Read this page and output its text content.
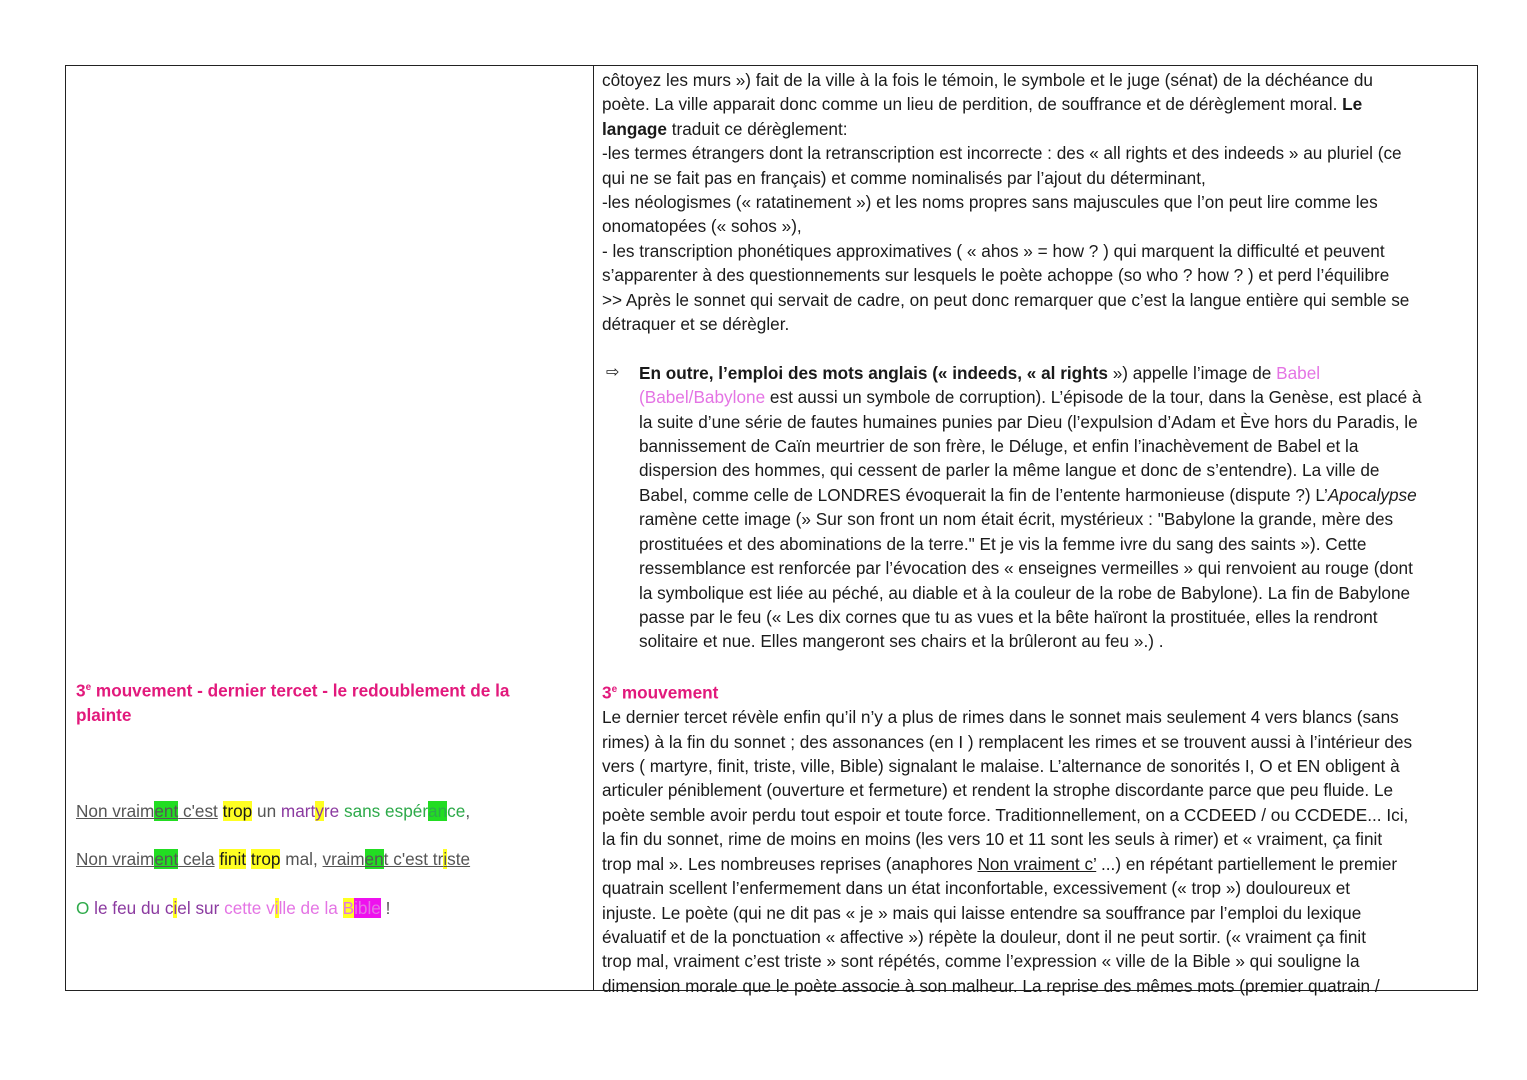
3e mouvement - dernier tercet - le redoublement de la
plainte
Non vraiment c'est trop un martyre sans espérance,
Non vraiment cela finit trop mal, vraiment c'est triste
O le feu du ciel sur cette ville de la Bible !

côtoyez les murs ») fait de la ville à la fois le témoin, le symbole et le juge (sénat) de la déchéance du

poète. La ville apparait donc comme un lieu de perdition, de souffrance et de dérèglement moral. Le

langage traduit ce dérèglement:

-les termes étrangers dont la retranscription est incorrecte : des « all rights et des indeeds » au pluriel (ce

qui ne se fait pas en français) et comme nominalisés par l’ajout du déterminant,

-les néologismes (« ratatinement ») et les noms propres sans majuscules que l’on peut lire comme les

onomatopées (« sohos »),

- les transcription phonétiques approximatives ( « ahos » = how ? ) qui marquent la difficulté et peuvent

s’apparenter à des questionnements sur lesquels le poète achoppe (so who ? how ? ) et perd l’équilibre

>> Après le sonnet qui servait de cadre, on peut donc remarquer que c’est la langue entière qui semble se

détraquer et se dérègler.

⇨ En outre, l’emploi des mots anglais (« indeeds, « al rights ») appelle l’image de Babel

(Babel/Babylone est aussi un symbole de corruption). L’épisode de la tour, dans la Genèse, est placé à

la suite d’une série de fautes humaines punies par Dieu (l’expulsion d’Adam et Ève hors du Paradis, le

bannissement de Caïn meurtrier de son frère, le Déluge, et enfin l’inachèvement de Babel et la

dispersion des hommes, qui cessent de parler la même langue et donc de s’entendre). La ville de

Babel, comme celle de LONDRES évoquerait la fin de l’entente harmonieuse (dispute ?) L’Apocalypse

ramène cette image (» Sur son front un nom était écrit, mystérieux : "Babylone la grande, mère des

prostituées et des abominations de la terre." Et je vis la femme ivre du sang des saints »). Cette

ressemblance est renforcée par l’évocation des « enseignes vermeilles » qui renvoient au rouge (dont

la symbolique est liée au péché, au diable et à la couleur de la robe de Babylone). La fin de Babylone

passe par le feu (« Les dix cornes que tu as vues et la bête haïront la prostituée, elles la rendront

solitaire et nue. Elles mangeront ses chairs et la brûleront au feu ».) .

3e mouvement

Le dernier tercet révèle enfin qu’il n’y a plus de rimes dans le sonnet mais seulement 4 vers blancs (sans

rimes) à la fin du sonnet ; des assonances (en I ) remplacent les rimes et se trouvent aussi à l’intérieur des

vers ( martyre, finit, triste, ville, Bible) signalant le malaise. L’alternance de sonorités I, O et EN obligent à

articuler péniblement (ouverture et fermeture) et rendent la strophe discordante parce que peu fluide. Le

poète semble avoir perdu tout espoir et toute force. Traditionnellement, on a CCDEED / ou CCDEDE... Ici,

la fin du sonnet, rime de moins en moins (les vers 10 et 11 sont les seuls à rimer) et « vraiment, ça finit

trop mal ». Les nombreuses reprises (anaphores Non vraiment c’ ...) en répétant partiellement le premier

quatrain scellent l’enfermement dans un état inconfortable, excessivement (« trop ») douloureux et

injuste. Le poète (qui ne dit pas « je » mais qui laisse entendre sa souffrance par l’emploi du lexique

évaluatif et de la ponctuation « affective ») répète la douleur, dont il ne peut sortir. (« vraiment ça finit

trop mal, vraiment c’est triste » sont répétés, comme l’expression « ville de la Bible » qui souligne la

dimension morale que le poète associe à son malheur. La reprise des mêmes mots (premier quatrain /
